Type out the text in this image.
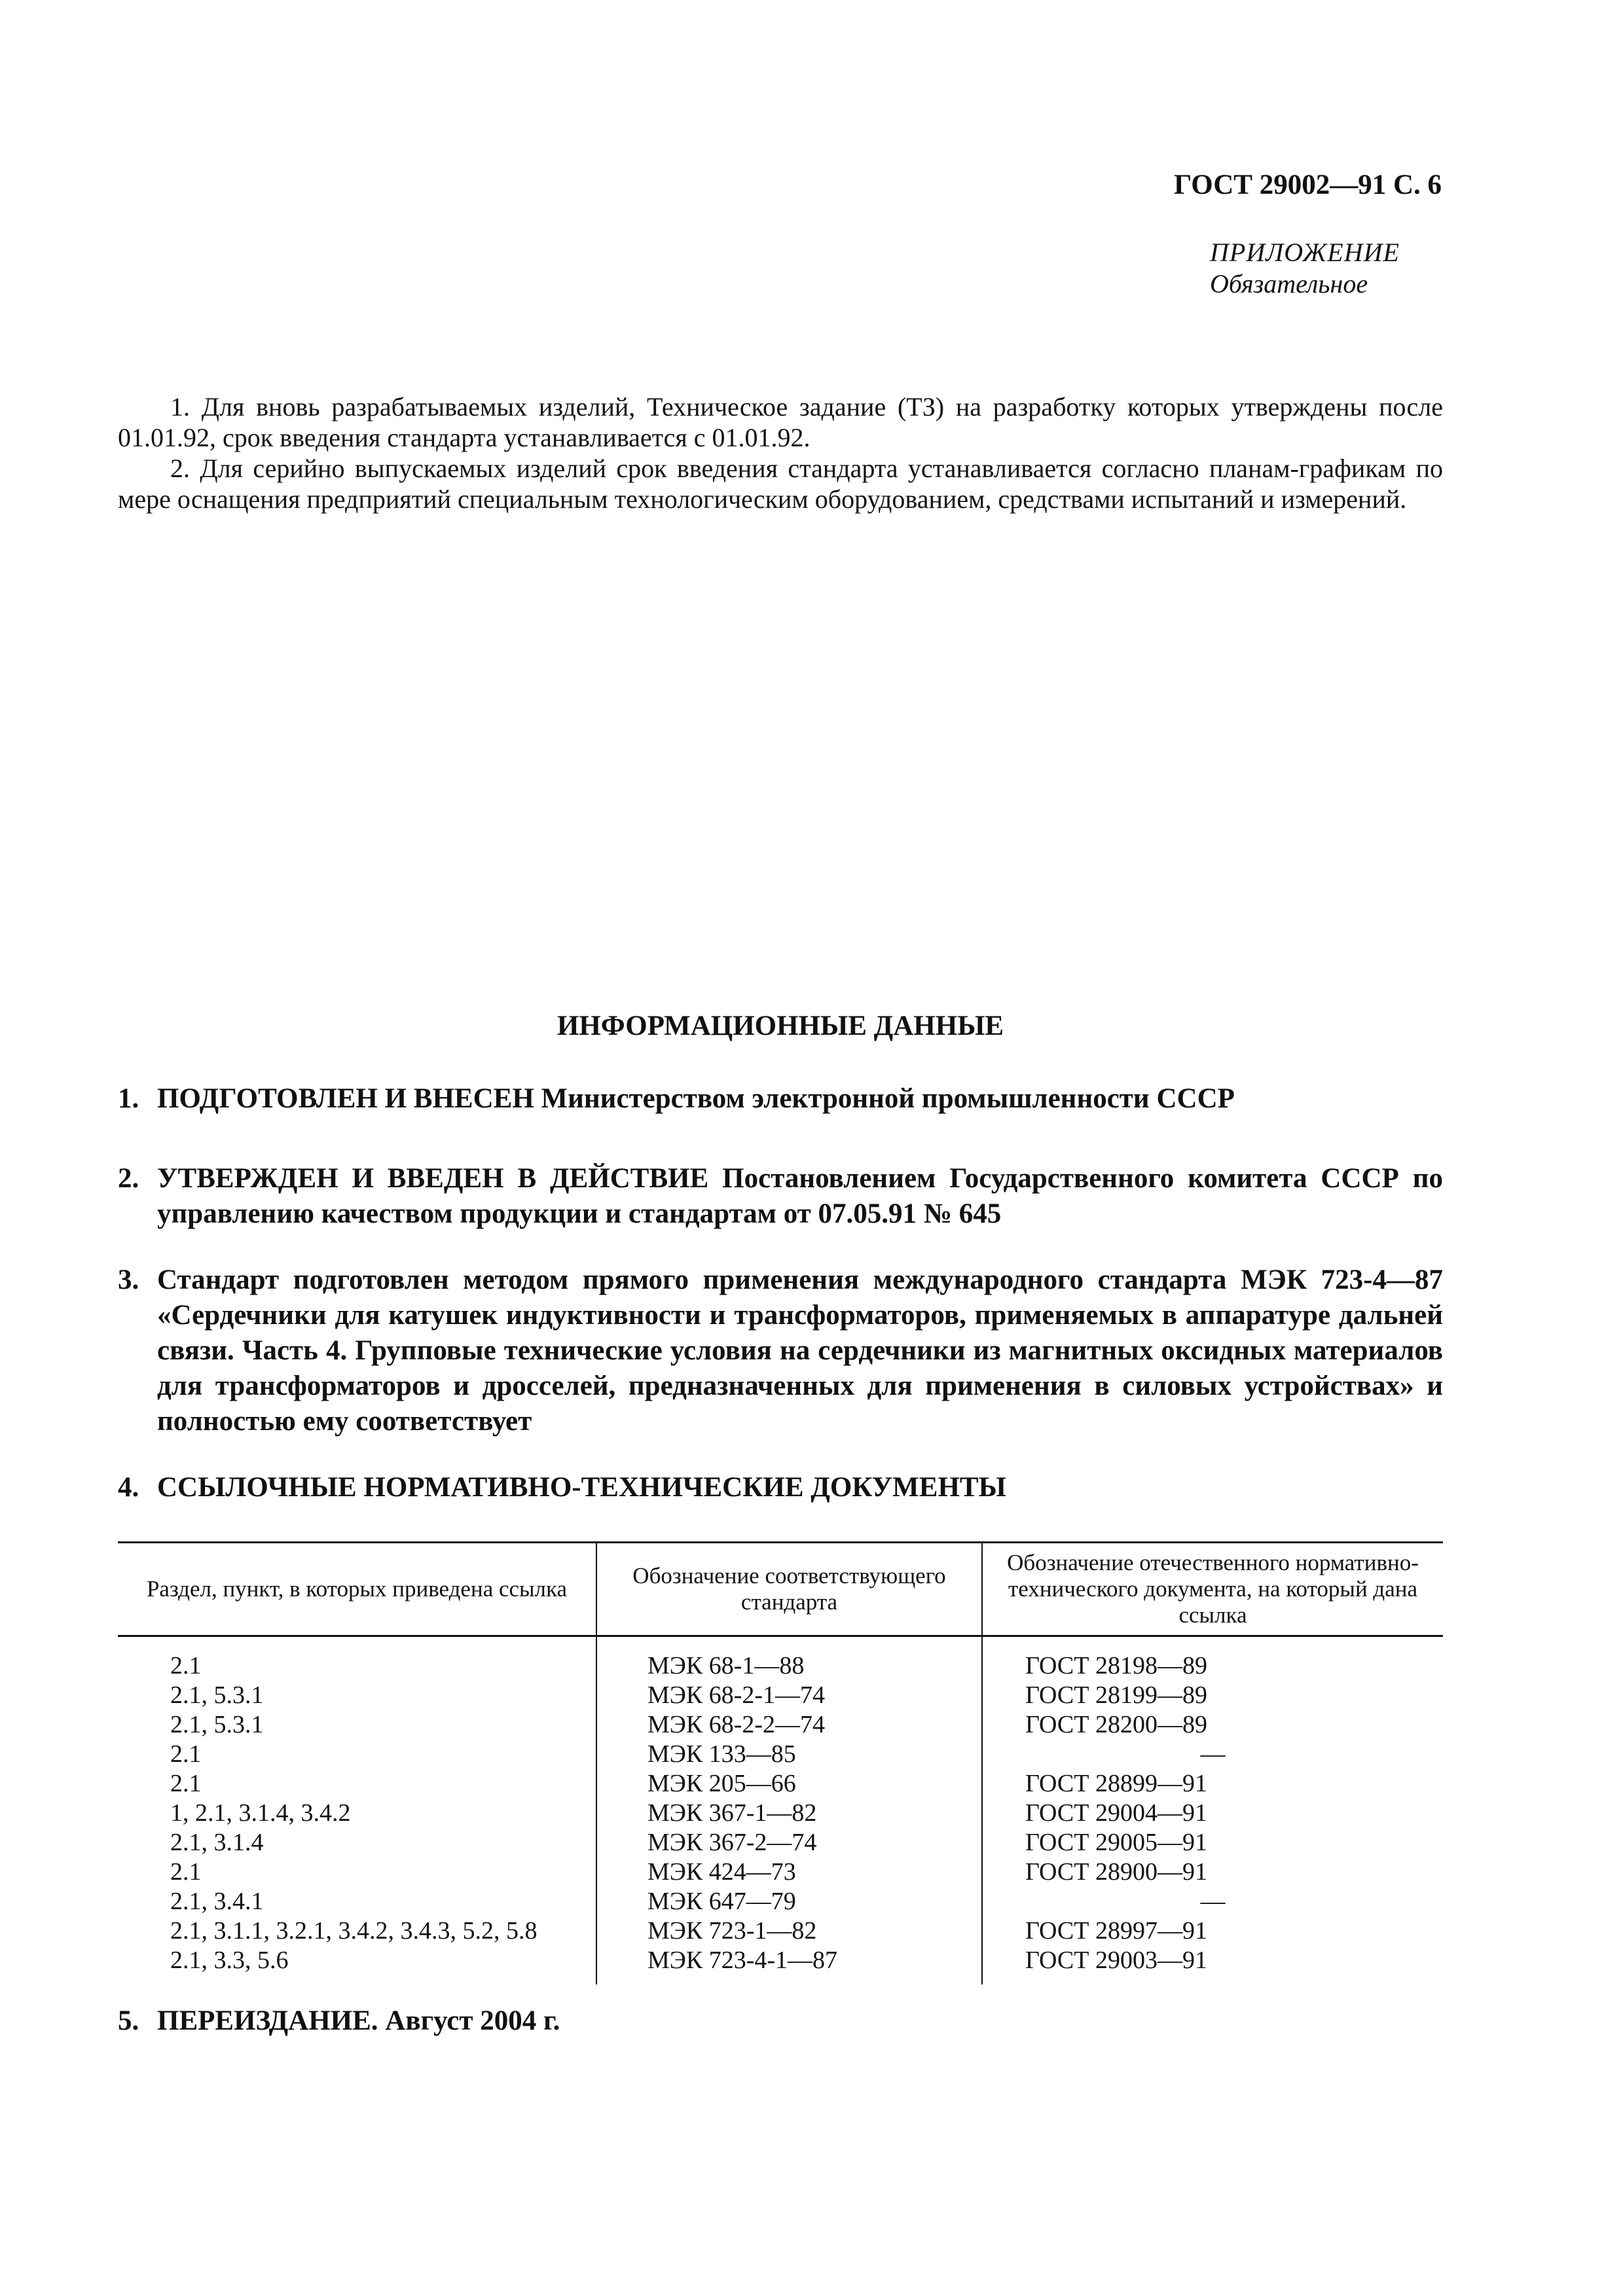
ГОСТ 29002—91 С. 6
ПРИЛОЖЕНИЕ
Обязательное

1. Для вновь разрабатываемых изделий, Техническое задание (ТЗ) на разработку которых утверждены после 01.01.92, срок введения стандарта устанавливается с 01.01.92.

2. Для серийно выпускаемых изделий срок введения стандарта устанавливается согласно планам-графикам по мере оснащения предприятий специальным технологическим оборудованием, средствами испытаний и измерений.

ИНФОРМАЦИОННЫЕ ДАННЫЕ
1. ПОДГОТОВЛЕН И ВНЕСЕН Министерством электронной промышленности СССР
2. УТВЕРЖДЕН И ВВЕДЕН В ДЕЙСТВИЕ Постановлением Государственного комитета СССР по управлению качеством продукции и стандартам от 07.05.91 № 645
3. Стандарт подготовлен методом прямого применения международного стандарта МЭК 723-4—87 «Сердечники для катушек индуктивности и трансформаторов, применяемых в аппаратуре дальней связи. Часть 4. Групповые технические условия на сердечники из магнитных оксидных материалов для трансформаторов и дросселей, предназначенных для применения в силовых устройствах» и полностью ему соответствует
4. ССЫЛОЧНЫЕ НОРМАТИВНО-ТЕХНИЧЕСКИЕ ДОКУМЕНТЫ
Раздел, пункт, в которых приведена ссылка	Обозначение соответствующего стандарта	Обозначение отечественного нормативно-технического документа, на который дана ссылка
2.1	МЭК 68-1—88	ГОСТ 28198—89
2.1, 5.3.1	МЭК 68-2-1—74	ГОСТ 28199—89
2.1, 5.3.1	МЭК 68-2-2—74	ГОСТ 28200—89
2.1	МЭК 133—85	—
2.1	МЭК 205—66	ГОСТ 28899—91
1, 2.1, 3.1.4, 3.4.2	МЭК 367-1—82	ГОСТ 29004—91
2.1, 3.1.4	МЭК 367-2—74	ГОСТ 29005—91
2.1	МЭК 424—73	ГОСТ 28900—91
2.1, 3.4.1	МЭК 647—79	—
2.1, 3.1.1, 3.2.1, 3.4.2, 3.4.3, 5.2, 5.8	МЭК 723-1—82	ГОСТ 28997—91
2.1, 3.3, 5.6	МЭК 723-4-1—87	ГОСТ 29003—91
5. ПЕРЕИЗДАНИЕ. Август 2004 г.
